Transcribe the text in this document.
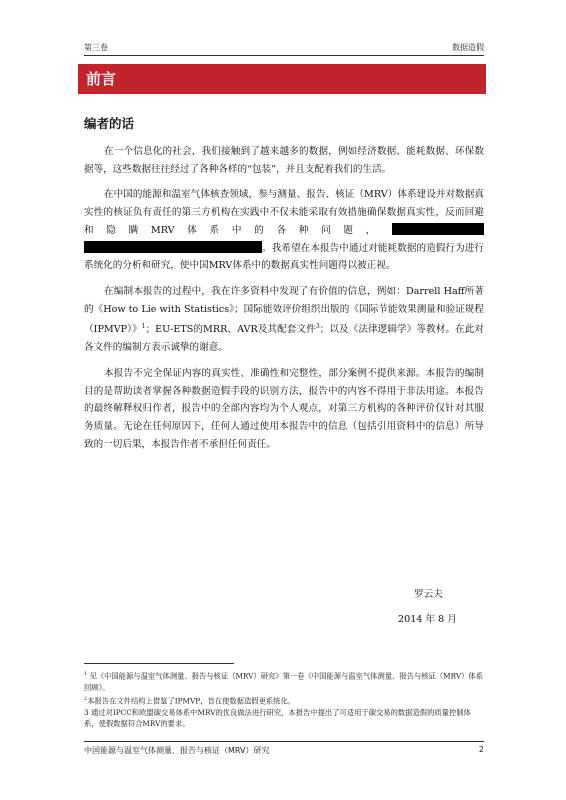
第三卷	数据造假
前言
编者的话

在一个信息化的社会，我们接触到了越来越多的数据，例如经济数据、能耗数据、环保数据等，这些数据往往经过了各种各样的“包装”，并且支配着我们的生活。

在中国的能源和温室气体核查领域，参与测量、报告、核证（MRV）体系建设并对数据真实性的核证负有责任的第三方机构在实践中不仅未能采取有效措施确保数据真实性，反而回避和隐瞒MRV体系中的各种问题，。我希望在本报告中通过对能耗数据的造假行为进行系统化的分析和研究，使中国MRV体系中的数据真实性问题得以被正视。

在编制本报告的过程中，我在许多资料中发现了有价值的信息，例如：Darrell Haff所著的《How to Lie with Statistics》；国际能效评价组织出版的《国际节能效果测量和验证规程（IPMVP）》$^1$；EU-ETS的MRR、AVR及其配套文件$^3$；以及《法律逻辑学》等教材。在此对各文件的编制方表示诚挚的谢意。

本报告不完全保证内容的真实性、准确性和完整性，部分案例不提供来源。本报告的编制目的是帮助读者掌握各种数据造假手段的识别方法，报告中的内容不得用于非法用途。本报告的最终解释权归作者，报告中的全部内容均为个人观点，对第三方机构的各种评价仅针对其服务质量。无论在任何原因下，任何人通过使用本报告中的信息（包括引用资料中的信息）所导致的一切后果，本报告作者不承担任何责任。

罗云夫
2014 年 8 月
$^1$ 见《中国能源与温室气体测量、报告与核证（MRV）研究》第一卷《中国能源与温室气体测量、报告与核证（MRV）体系回顾》。
$^2$本报告在文件结构上借鉴了IPMVP，旨在使数据造假更系统化。
3 通过对IPCC和欧盟碳交易体系中MRV的优良做法进行研究，本报告中提出了可适用于碳交易的数据造假的质量控制体系，使假数据符合MRV的要求。
中国能源与温室气体测量、报告与核证（MRV）研究	2
